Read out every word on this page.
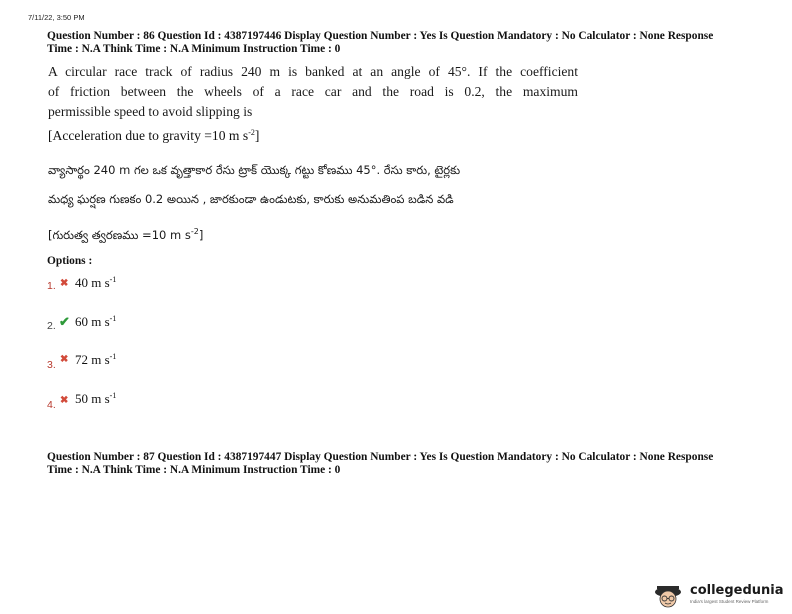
7/11/22, 3:50 PM
Question Number : 86 Question Id : 4387197446 Display Question Number : Yes Is Question Mandatory : No Calculator : None Response
Time : N.A Think Time : N.A Minimum Instruction Time : 0
A circular race track of radius 240 m is banked at an angle of 45°. If the coefficient
of friction between the wheels of a race car and the road is 0.2, the maximum
permissible speed to avoid slipping is
[Acceleration due to gravity =10 m $s^{-2}$]
వ్యాసార్థం 240 m గల ఒక వృత్తాకార రేసు ట్రాక్ యొక్క గట్టు కోణము 45°. రేసు కారు, టైర్లకు
మధ్య ఘర్షణ గుణకం 0.2 అయిన , జారకుండా ఉండుటకు, కారుకు అనుమతింప బడిన వడి
[గురుత్వ త్వరణము =10 m $s^{-2}$]
Options :
1. ✖ 40 m $s^{-1}$
2. ✔ 60 m $s^{-1}$
3. ✖ 72 m $s^{-1}$
4. ✖ 50 m $s^{-1}$
Question Number : 87 Question Id : 4387197447 Display Question Number : Yes Is Question Mandatory : No Calculator : None Response
Time : N.A Think Time : N.A Minimum Instruction Time : 0
collegedunia
India's largest Student Review Platform
